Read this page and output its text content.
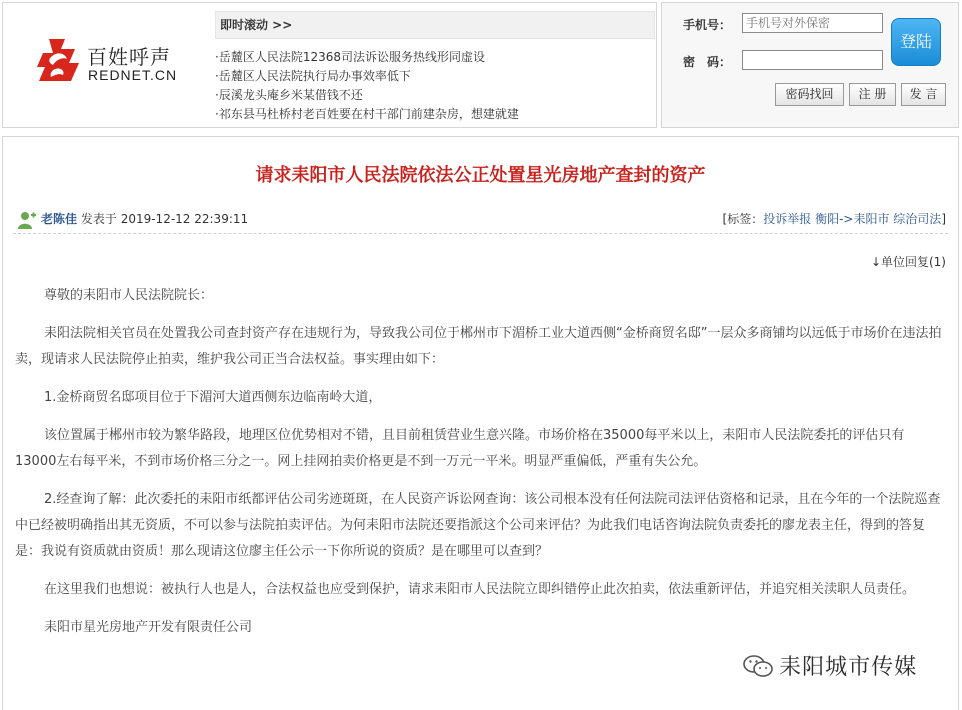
百姓呼声
REDNET.CN
即时滚动 >>
·岳麓区人民法院12368司法诉讼服务热线形同虚设
·岳麓区人民法院执行局办事效率低下
·辰溪龙头庵乡米某借钱不还
·祁东县马杜桥村老百姓要在村干部门前建杂房，想建就建
手机号：
手机号对外保密
密　码：
登陆
密码找回	注 册	发 言
请求耒阳市人民法院依法公正处置星光房地产查封的资产
老陈佳 发表于 2019-12-12 22:39:11	[标签：投诉举报 衡阳->耒阳市 综治司法]
↓单位回复(1)

尊敬的耒阳市人民法院院长：

耒阳法院相关官员在处置我公司查封资产存在违规行为，导致我公司位于郴州市下湄桥工业大道西侧“金桥商贸名邸”一层众多商铺均以远低于市场价在违法拍卖，现请求人民法院停止拍卖，维护我公司正当合法权益。事实理由如下：

1.金桥商贸名邸项目位于下湄河大道西侧东边临南岭大道，

该位置属于郴州市较为繁华路段，地理区位优势相对不错，且目前租赁营业生意兴隆。市场价格在35000每平米以上，耒阳市人民法院委托的评估只有13000左右每平米，不到市场价格三分之一。网上挂网拍卖价格更是不到一万元一平米。明显严重偏低，严重有失公允。

2.经查询了解：此次委托的耒阳市纸都评估公司劣迹斑斑，在人民资产诉讼网查询：该公司根本没有任何法院司法评估资格和记录，且在今年的一个法院巡查中已经被明确指出其无资质，不可以参与法院拍卖评估。为何耒阳市法院还要指派这个公司来评估？为此我们电话咨询法院负责委托的廖龙表主任，得到的答复是：我说有资质就由资质！那么现请这位廖主任公示一下你所说的资质？是在哪里可以查到？

在这里我们也想说：被执行人也是人，合法权益也应受到保护，请求耒阳市人民法院立即纠错停止此次拍卖，依法重新评估，并追究相关渎职人员责任。

耒阳市星光房地产开发有限责任公司

耒阳城市传媒
